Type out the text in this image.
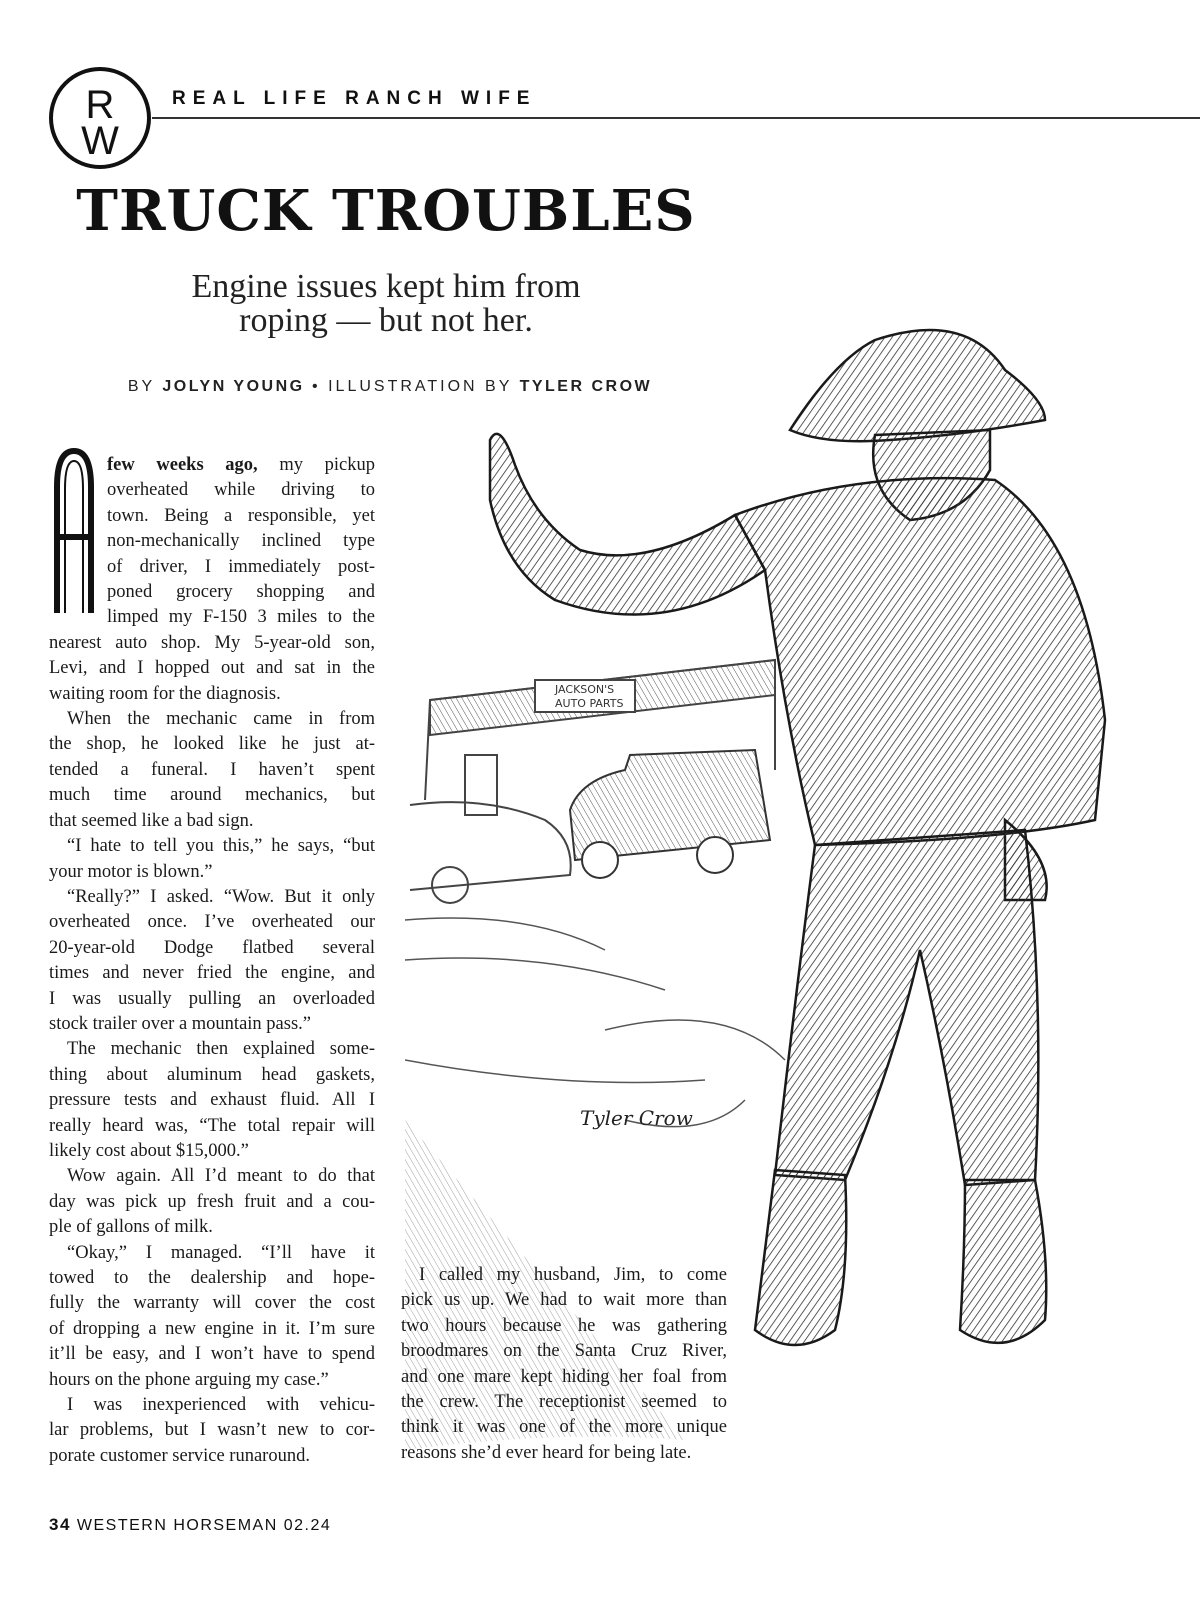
R
W
REAL LIFE RANCH WIFE
TRUCK TROUBLES
Engine issues kept him from
roping — but not her.
BY JOLYN YOUNG • ILLUSTRATION BY TYLER CROW
A
few weeks ago, my pickup
overheated while driving to
town. Being a responsible, yet
non-mechanically inclined type
of driver, I immediately post-
poned grocery shopping and
limped my F-150 3 miles to the
nearest auto shop. My 5-year-old son,
Levi, and I hopped out and sat in the
waiting room for the diagnosis.
When the mechanic came in from
the shop, he looked like he just at-
tended a funeral. I haven’t spent
much time around mechanics, but
that seemed like a bad sign.
“I hate to tell you this,” he says, “but
your motor is blown.”
“Really?” I asked. “Wow. But it only
overheated once. I’ve overheated our
20-year-old Dodge flatbed several
times and never fried the engine, and
I was usually pulling an overloaded
stock trailer over a mountain pass.”
The mechanic then explained some-
thing about aluminum head gaskets,
pressure tests and exhaust fluid. All I
really heard was, “The total repair will
likely cost about $15,000.”
Wow again. All I’d meant to do that
day was pick up fresh fruit and a cou-
ple of gallons of milk.
“Okay,” I managed. “I’ll have it
towed to the dealership and hope-
fully the warranty will cover the cost
of dropping a new engine in it. I’m sure
it’ll be easy, and I won’t have to spend
hours on the phone arguing my case.”
I was inexperienced with vehicu-
lar problems, but I wasn’t new to cor-
porate customer service runaround.
JACKSON'S
AUTO PARTS
Tyler Crow
I called my husband, Jim, to come
pick us up. We had to wait more than
two hours because he was gathering
broodmares on the Santa Cruz River,
and one mare kept hiding her foal from
the crew. The receptionist seemed to
think it was one of the more unique
reasons she’d ever heard for being late.
34 WESTERN HORSEMAN 02.24
